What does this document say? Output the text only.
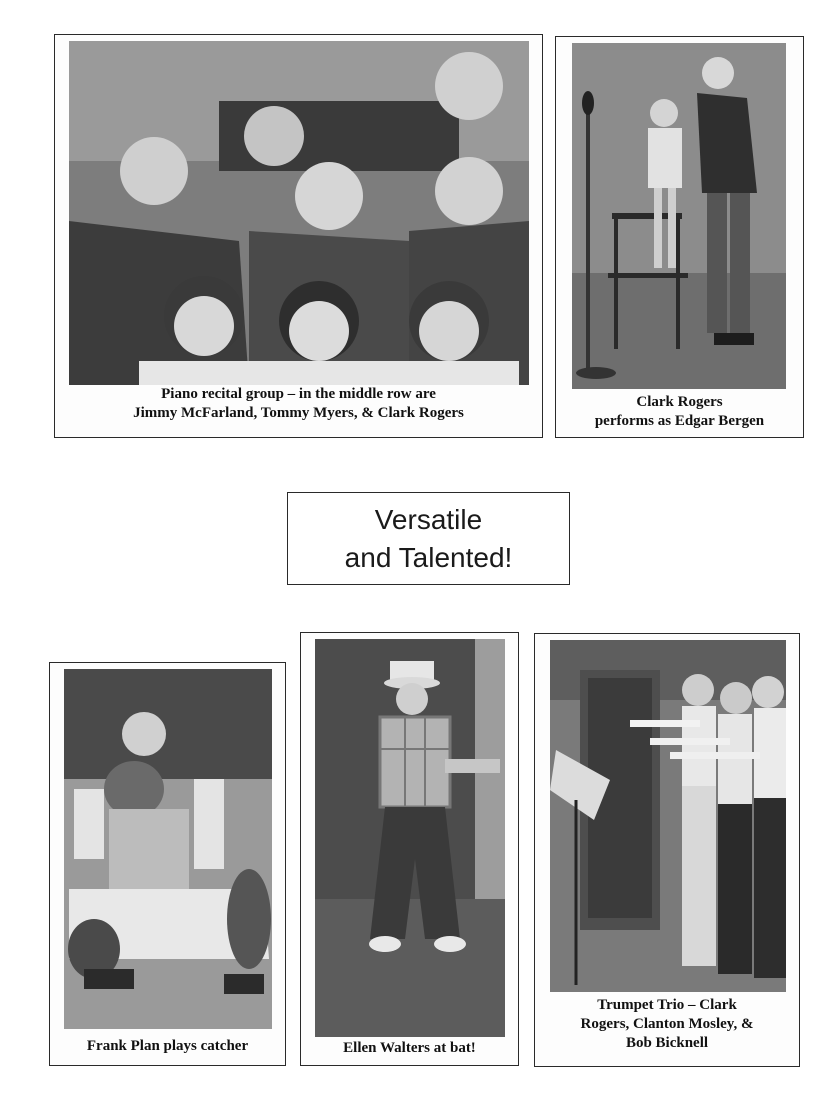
Piano recital group – in the middle row are
Jimmy McFarland, Tommy Myers, & Clark Rogers
Clark Rogers
performs as Edgar Bergen
Versatile
and Talented!
Frank Plan plays catcher	Ellen Walters at bat!
Trumpet Trio – Clark
Rogers, Clanton Mosley, &
Bob Bicknell
